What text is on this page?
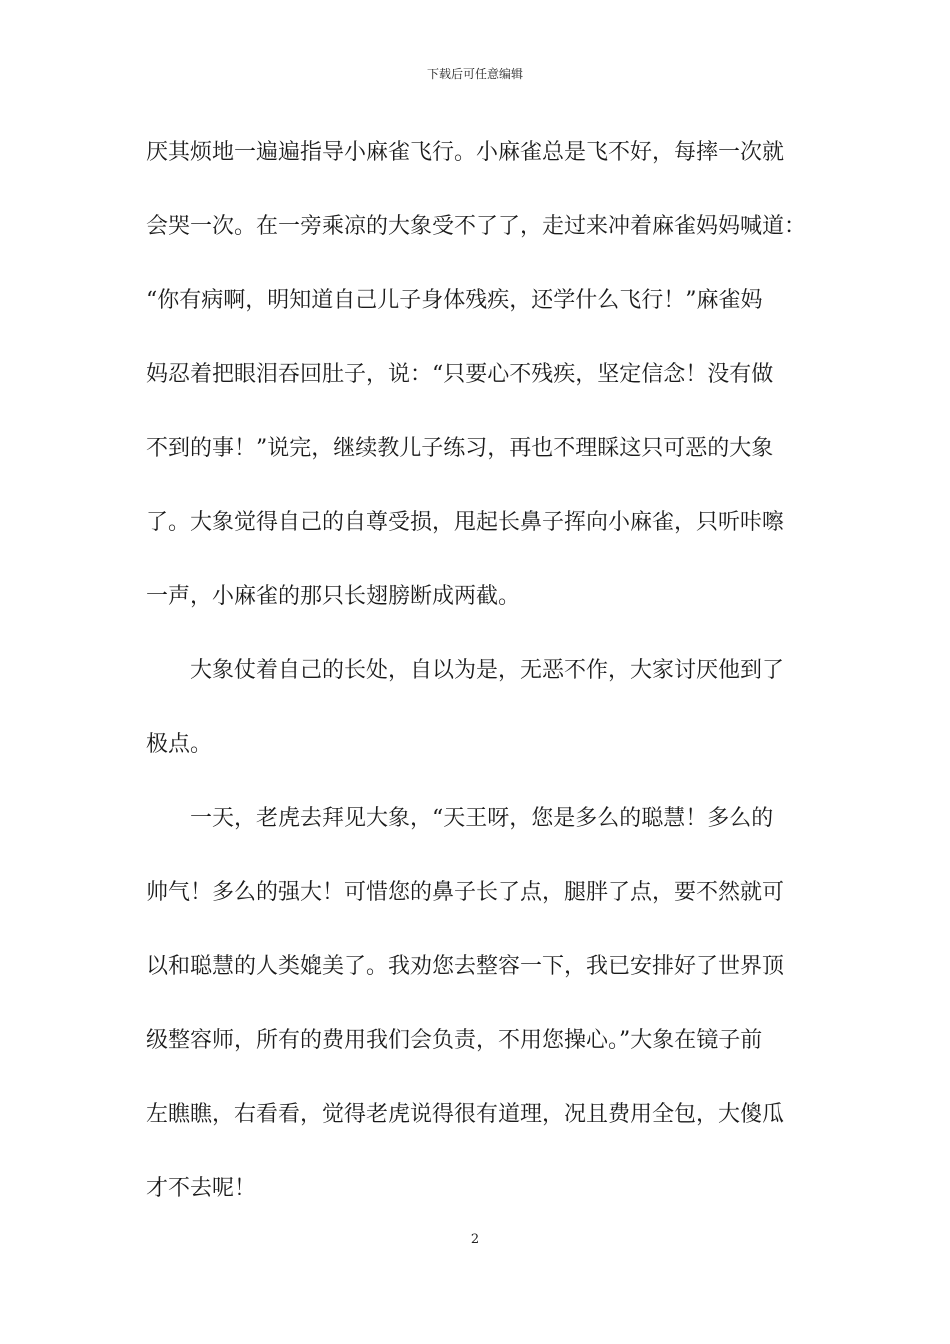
下载后可任意编辑
厌其烦地一遍遍指导小麻雀飞行。小麻雀总是飞不好，每摔一次就
会哭一次。在一旁乘凉的大象受不了了，走过来冲着麻雀妈妈喊道：
“你有病啊，明知道自己儿子身体残疾，还学什么飞行！”麻雀妈
妈忍着把眼泪吞回肚子，说：“只要心不残疾，坚定信念！没有做
不到的事！”说完，继续教儿子练习，再也不理睬这只可恶的大象
了。大象觉得自己的自尊受损，甩起长鼻子挥向小麻雀，只听咔嚓
一声，小麻雀的那只长翅膀断成两截。
大象仗着自己的长处，自以为是，无恶不作，大家讨厌他到了
极点。
一天，老虎去拜见大象，“天王呀，您是多么的聪慧！多么的
帅气！多么的强大！可惜您的鼻子长了点，腿胖了点，要不然就可
以和聪慧的人类媲美了。我劝您去整容一下，我已安排好了世界顶
级整容师，所有的费用我们会负责，不用您操心。”大象在镜子前
左瞧瞧，右看看，觉得老虎说得很有道理，况且费用全包，大傻瓜
才不去呢！
2
